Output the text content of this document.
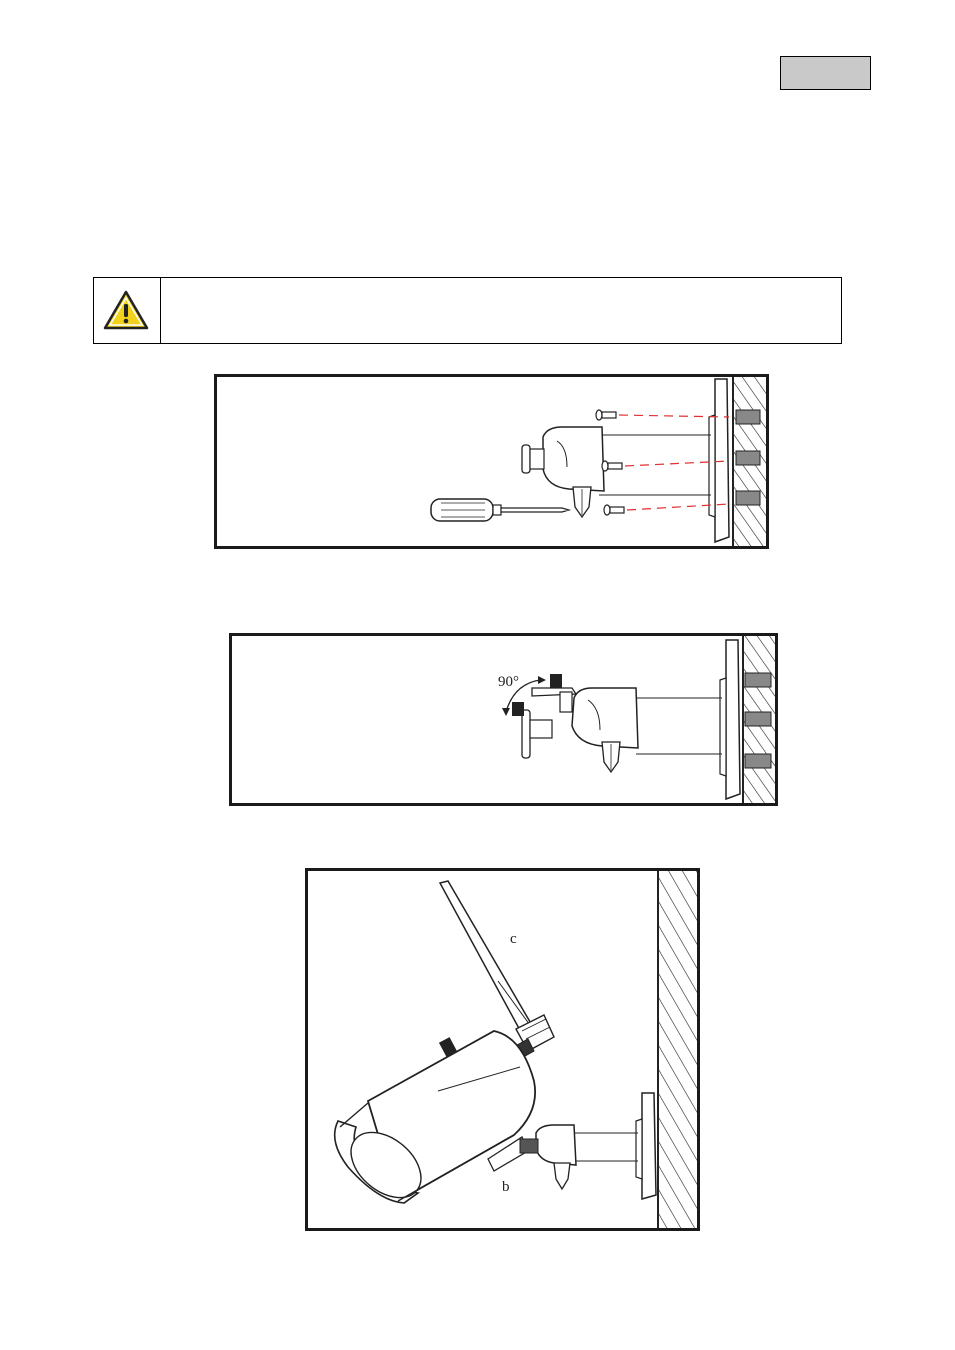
90°
c
b
